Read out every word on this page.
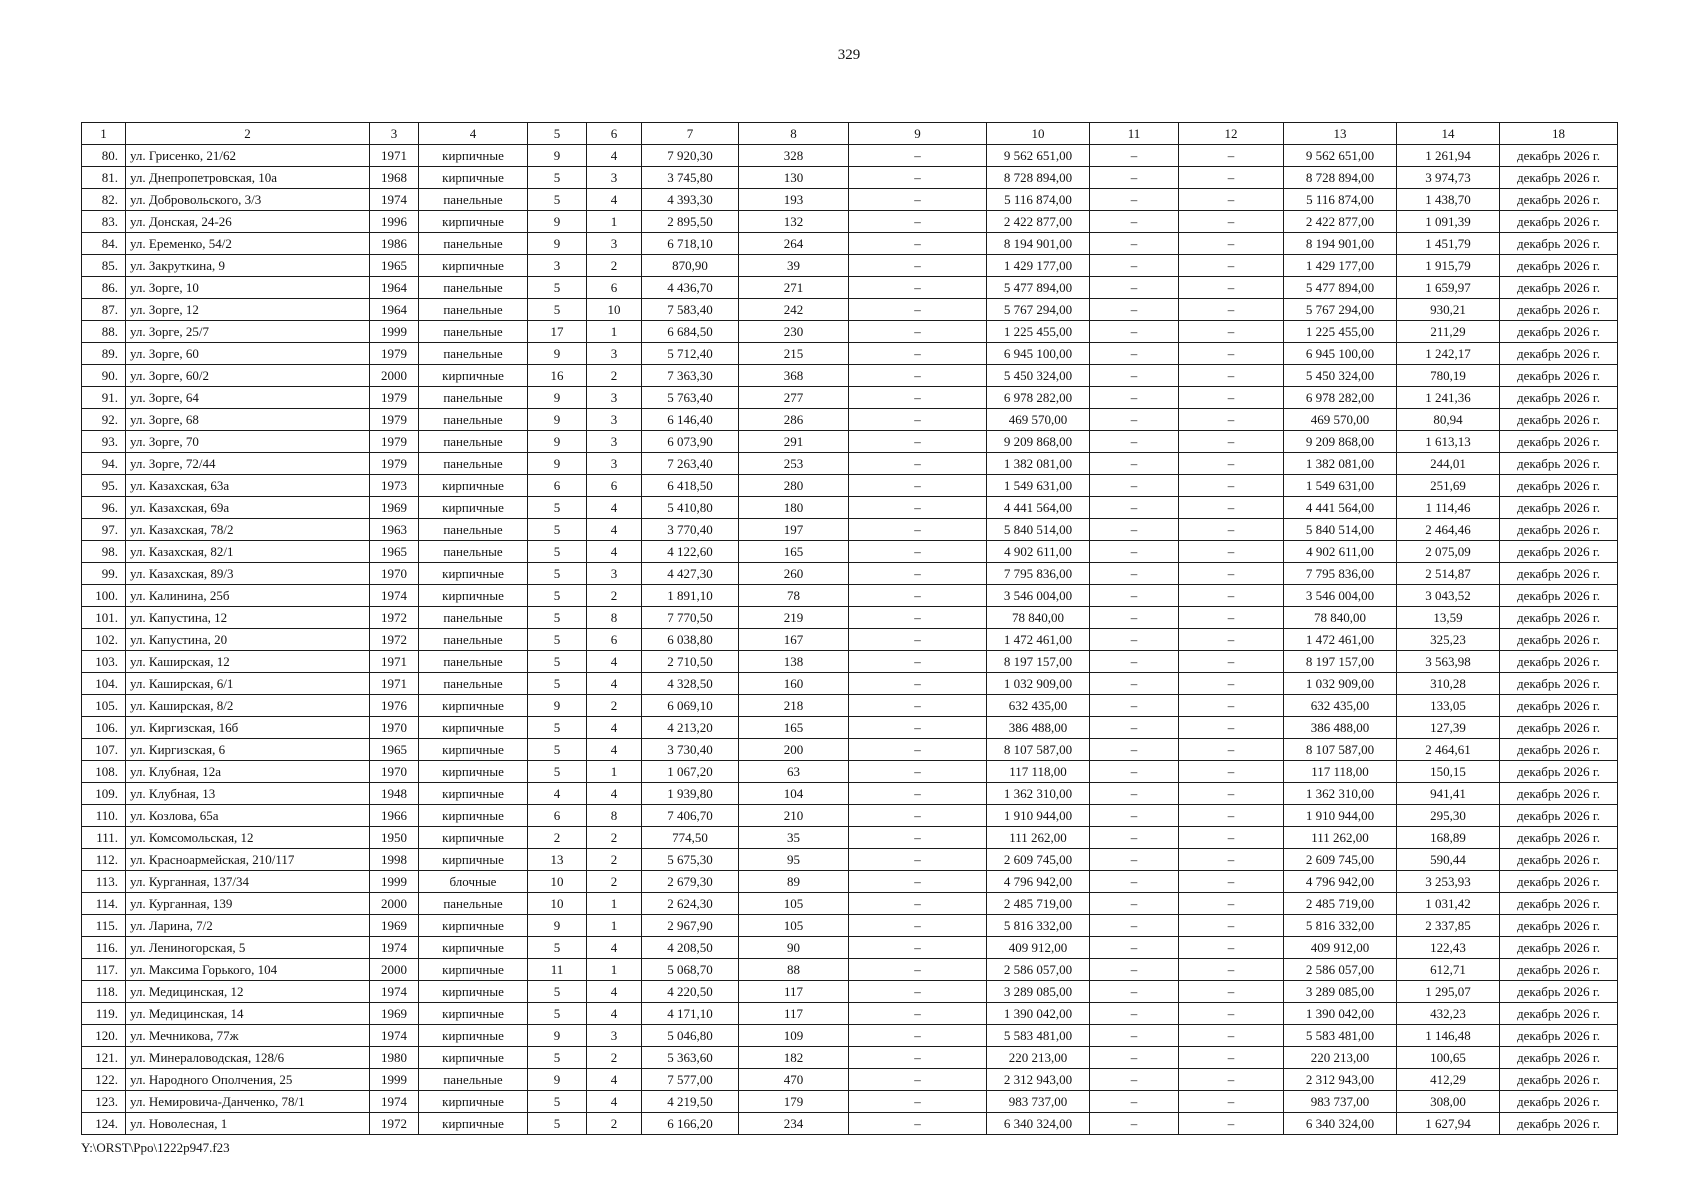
329
1	2	3	4	5	6	7	8	9	10	11	12	13	14	18
80.	ул. Грисенко, 21/62	1971	кирпичные	9	4	7 920,30	328	–	9 562 651,00	–	–	9 562 651,00	1 261,94	декабрь 2026 г.
81.	ул. Днепропетровская, 10а	1968	кирпичные	5	3	3 745,80	130	–	8 728 894,00	–	–	8 728 894,00	3 974,73	декабрь 2026 г.
82.	ул. Добровольского, 3/3	1974	панельные	5	4	4 393,30	193	–	5 116 874,00	–	–	5 116 874,00	1 438,70	декабрь 2026 г.
83.	ул. Донская, 24-26	1996	кирпичные	9	1	2 895,50	132	–	2 422 877,00	–	–	2 422 877,00	1 091,39	декабрь 2026 г.
84.	ул. Еременко, 54/2	1986	панельные	9	3	6 718,10	264	–	8 194 901,00	–	–	8 194 901,00	1 451,79	декабрь 2026 г.
85.	ул. Закруткина, 9	1965	кирпичные	3	2	870,90	39	–	1 429 177,00	–	–	1 429 177,00	1 915,79	декабрь 2026 г.
86.	ул. Зорге, 10	1964	панельные	5	6	4 436,70	271	–	5 477 894,00	–	–	5 477 894,00	1 659,97	декабрь 2026 г.
87.	ул. Зорге, 12	1964	панельные	5	10	7 583,40	242	–	5 767 294,00	–	–	5 767 294,00	930,21	декабрь 2026 г.
88.	ул. Зорге, 25/7	1999	панельные	17	1	6 684,50	230	–	1 225 455,00	–	–	1 225 455,00	211,29	декабрь 2026 г.
89.	ул. Зорге, 60	1979	панельные	9	3	5 712,40	215	–	6 945 100,00	–	–	6 945 100,00	1 242,17	декабрь 2026 г.
90.	ул. Зорге, 60/2	2000	кирпичные	16	2	7 363,30	368	–	5 450 324,00	–	–	5 450 324,00	780,19	декабрь 2026 г.
91.	ул. Зорге, 64	1979	панельные	9	3	5 763,40	277	–	6 978 282,00	–	–	6 978 282,00	1 241,36	декабрь 2026 г.
92.	ул. Зорге, 68	1979	панельные	9	3	6 146,40	286	–	469 570,00	–	–	469 570,00	80,94	декабрь 2026 г.
93.	ул. Зорге, 70	1979	панельные	9	3	6 073,90	291	–	9 209 868,00	–	–	9 209 868,00	1 613,13	декабрь 2026 г.
94.	ул. Зорге, 72/44	1979	панельные	9	3	7 263,40	253	–	1 382 081,00	–	–	1 382 081,00	244,01	декабрь 2026 г.
95.	ул. Казахская, 63а	1973	кирпичные	6	6	6 418,50	280	–	1 549 631,00	–	–	1 549 631,00	251,69	декабрь 2026 г.
96.	ул. Казахская, 69а	1969	кирпичные	5	4	5 410,80	180	–	4 441 564,00	–	–	4 441 564,00	1 114,46	декабрь 2026 г.
97.	ул. Казахская, 78/2	1963	панельные	5	4	3 770,40	197	–	5 840 514,00	–	–	5 840 514,00	2 464,46	декабрь 2026 г.
98.	ул. Казахская, 82/1	1965	панельные	5	4	4 122,60	165	–	4 902 611,00	–	–	4 902 611,00	2 075,09	декабрь 2026 г.
99.	ул. Казахская, 89/3	1970	кирпичные	5	3	4 427,30	260	–	7 795 836,00	–	–	7 795 836,00	2 514,87	декабрь 2026 г.
100.	ул. Калинина, 25б	1974	кирпичные	5	2	1 891,10	78	–	3 546 004,00	–	–	3 546 004,00	3 043,52	декабрь 2026 г.
101.	ул. Капустина, 12	1972	панельные	5	8	7 770,50	219	–	78 840,00	–	–	78 840,00	13,59	декабрь 2026 г.
102.	ул. Капустина, 20	1972	панельные	5	6	6 038,80	167	–	1 472 461,00	–	–	1 472 461,00	325,23	декабрь 2026 г.
103.	ул. Каширская, 12	1971	панельные	5	4	2 710,50	138	–	8 197 157,00	–	–	8 197 157,00	3 563,98	декабрь 2026 г.
104.	ул. Каширская, 6/1	1971	панельные	5	4	4 328,50	160	–	1 032 909,00	–	–	1 032 909,00	310,28	декабрь 2026 г.
105.	ул. Каширская, 8/2	1976	кирпичные	9	2	6 069,10	218	–	632 435,00	–	–	632 435,00	133,05	декабрь 2026 г.
106.	ул. Киргизская, 16б	1970	кирпичные	5	4	4 213,20	165	–	386 488,00	–	–	386 488,00	127,39	декабрь 2026 г.
107.	ул. Киргизская, 6	1965	кирпичные	5	4	3 730,40	200	–	8 107 587,00	–	–	8 107 587,00	2 464,61	декабрь 2026 г.
108.	ул. Клубная, 12а	1970	кирпичные	5	1	1 067,20	63	–	117 118,00	–	–	117 118,00	150,15	декабрь 2026 г.
109.	ул. Клубная, 13	1948	кирпичные	4	4	1 939,80	104	–	1 362 310,00	–	–	1 362 310,00	941,41	декабрь 2026 г.
110.	ул. Козлова, 65а	1966	кирпичные	6	8	7 406,70	210	–	1 910 944,00	–	–	1 910 944,00	295,30	декабрь 2026 г.
111.	ул. Комсомольская, 12	1950	кирпичные	2	2	774,50	35	–	111 262,00	–	–	111 262,00	168,89	декабрь 2026 г.
112.	ул. Красноармейская, 210/117	1998	кирпичные	13	2	5 675,30	95	–	2 609 745,00	–	–	2 609 745,00	590,44	декабрь 2026 г.
113.	ул. Курганная, 137/34	1999	блочные	10	2	2 679,30	89	–	4 796 942,00	–	–	4 796 942,00	3 253,93	декабрь 2026 г.
114.	ул. Курганная, 139	2000	панельные	10	1	2 624,30	105	–	2 485 719,00	–	–	2 485 719,00	1 031,42	декабрь 2026 г.
115.	ул. Ларина, 7/2	1969	кирпичные	9	1	2 967,90	105	–	5 816 332,00	–	–	5 816 332,00	2 337,85	декабрь 2026 г.
116.	ул. Лениногорская, 5	1974	кирпичные	5	4	4 208,50	90	–	409 912,00	–	–	409 912,00	122,43	декабрь 2026 г.
117.	ул. Максима Горького, 104	2000	кирпичные	11	1	5 068,70	88	–	2 586 057,00	–	–	2 586 057,00	612,71	декабрь 2026 г.
118.	ул. Медицинская, 12	1974	кирпичные	5	4	4 220,50	117	–	3 289 085,00	–	–	3 289 085,00	1 295,07	декабрь 2026 г.
119.	ул. Медицинская, 14	1969	кирпичные	5	4	4 171,10	117	–	1 390 042,00	–	–	1 390 042,00	432,23	декабрь 2026 г.
120.	ул. Мечникова, 77ж	1974	кирпичные	9	3	5 046,80	109	–	5 583 481,00	–	–	5 583 481,00	1 146,48	декабрь 2026 г.
121.	ул. Минераловодская, 128/6	1980	кирпичные	5	2	5 363,60	182	–	220 213,00	–	–	220 213,00	100,65	декабрь 2026 г.
122.	ул. Народного Ополчения, 25	1999	панельные	9	4	7 577,00	470	–	2 312 943,00	–	–	2 312 943,00	412,29	декабрь 2026 г.
123.	ул. Немировича-Данченко, 78/1	1974	кирпичные	5	4	4 219,50	179	–	983 737,00	–	–	983 737,00	308,00	декабрь 2026 г.
124.	ул. Новолесная, 1	1972	кирпичные	5	2	6 166,20	234	–	6 340 324,00	–	–	6 340 324,00	1 627,94	декабрь 2026 г.
Y:\ORST\Ppo\1222p947.f23
